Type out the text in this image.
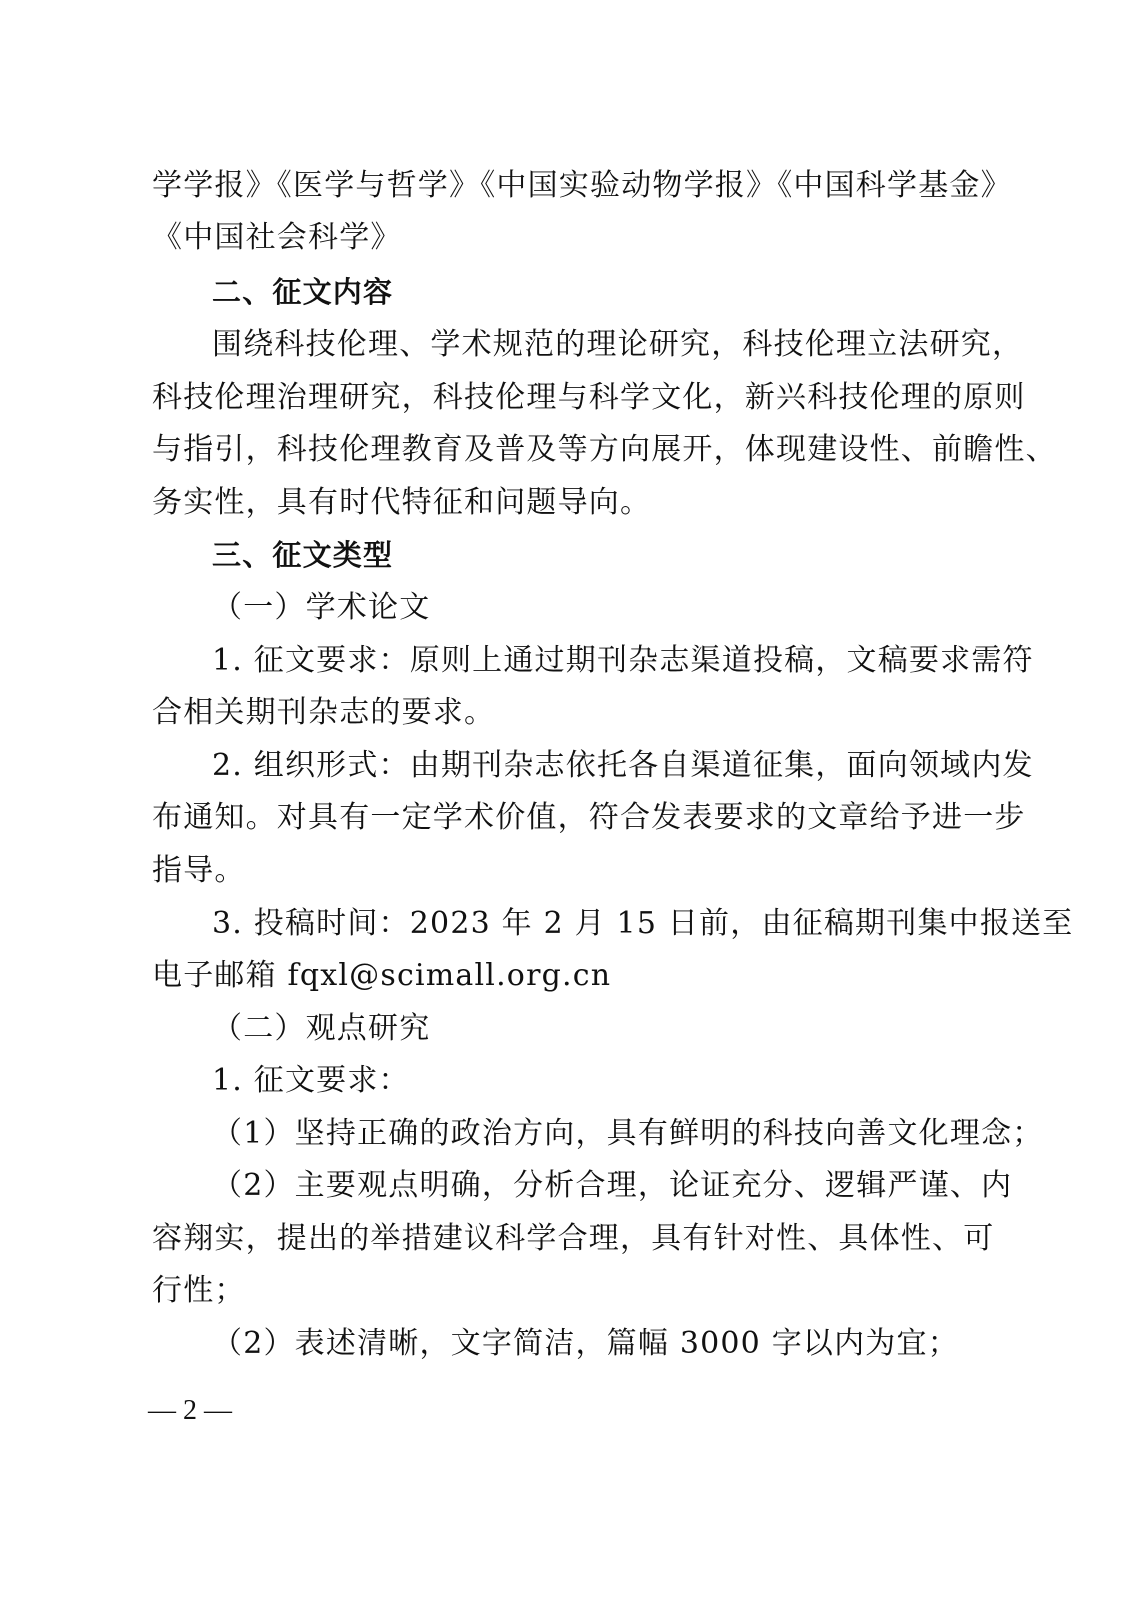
学学报》《医学与哲学》《中国实验动物学报》《中国科学基金》
《中国社会科学》
二、征文内容
围绕科技伦理、学术规范的理论研究，科技伦理立法研究，
科技伦理治理研究，科技伦理与科学文化，新兴科技伦理的原则
与指引，科技伦理教育及普及等方向展开，体现建设性、前瞻性、
务实性，具有时代特征和问题导向。
三、征文类型
（一）学术论文
1. 征文要求：原则上通过期刊杂志渠道投稿，文稿要求需符
合相关期刊杂志的要求。
2. 组织形式：由期刊杂志依托各自渠道征集，面向领域内发
布通知。对具有一定学术价值，符合发表要求的文章给予进一步
指导。
3. 投稿时间：2023 年 2 月 15 日前，由征稿期刊集中报送至
电子邮箱 fqxl@scimall.org.cn
（二）观点研究
1. 征文要求：
（1）坚持正确的政治方向，具有鲜明的科技向善文化理念；
（2）主要观点明确，分析合理，论证充分、逻辑严谨、内
容翔实，提出的举措建议科学合理，具有针对性、具体性、可
行性；
（2）表述清晰，文字简洁，篇幅 3000 字以内为宜；
— 2 —
